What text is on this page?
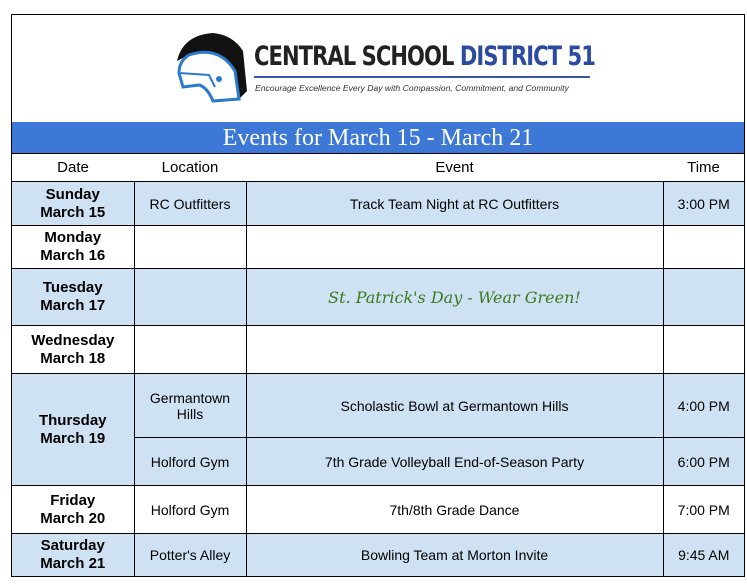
CENTRAL SCHOOL DISTRICT 51
Encourage Excellence Every Day with Compassion, Commitment, and Community
Events for March 15 - March 21
Date	Location	Event	Time
Sunday
March 15	RC Outfitters	Track Team Night at RC Outfitters	3:00 PM
Monday
March 16			
Tuesday
March 17		St. Patrick's Day - Wear Green!	
Wednesday
March 18			
Thursday
March 19	Germantown Hills	Scholastic Bowl at Germantown Hills	4:00 PM
	Holford Gym	7th Grade Volleyball End-of-Season Party	6:00 PM
Friday
March 20	Holford Gym	7th/8th Grade Dance	7:00 PM
Saturday
March 21	Potter's Alley	Bowling Team at Morton Invite	9:45 AM
